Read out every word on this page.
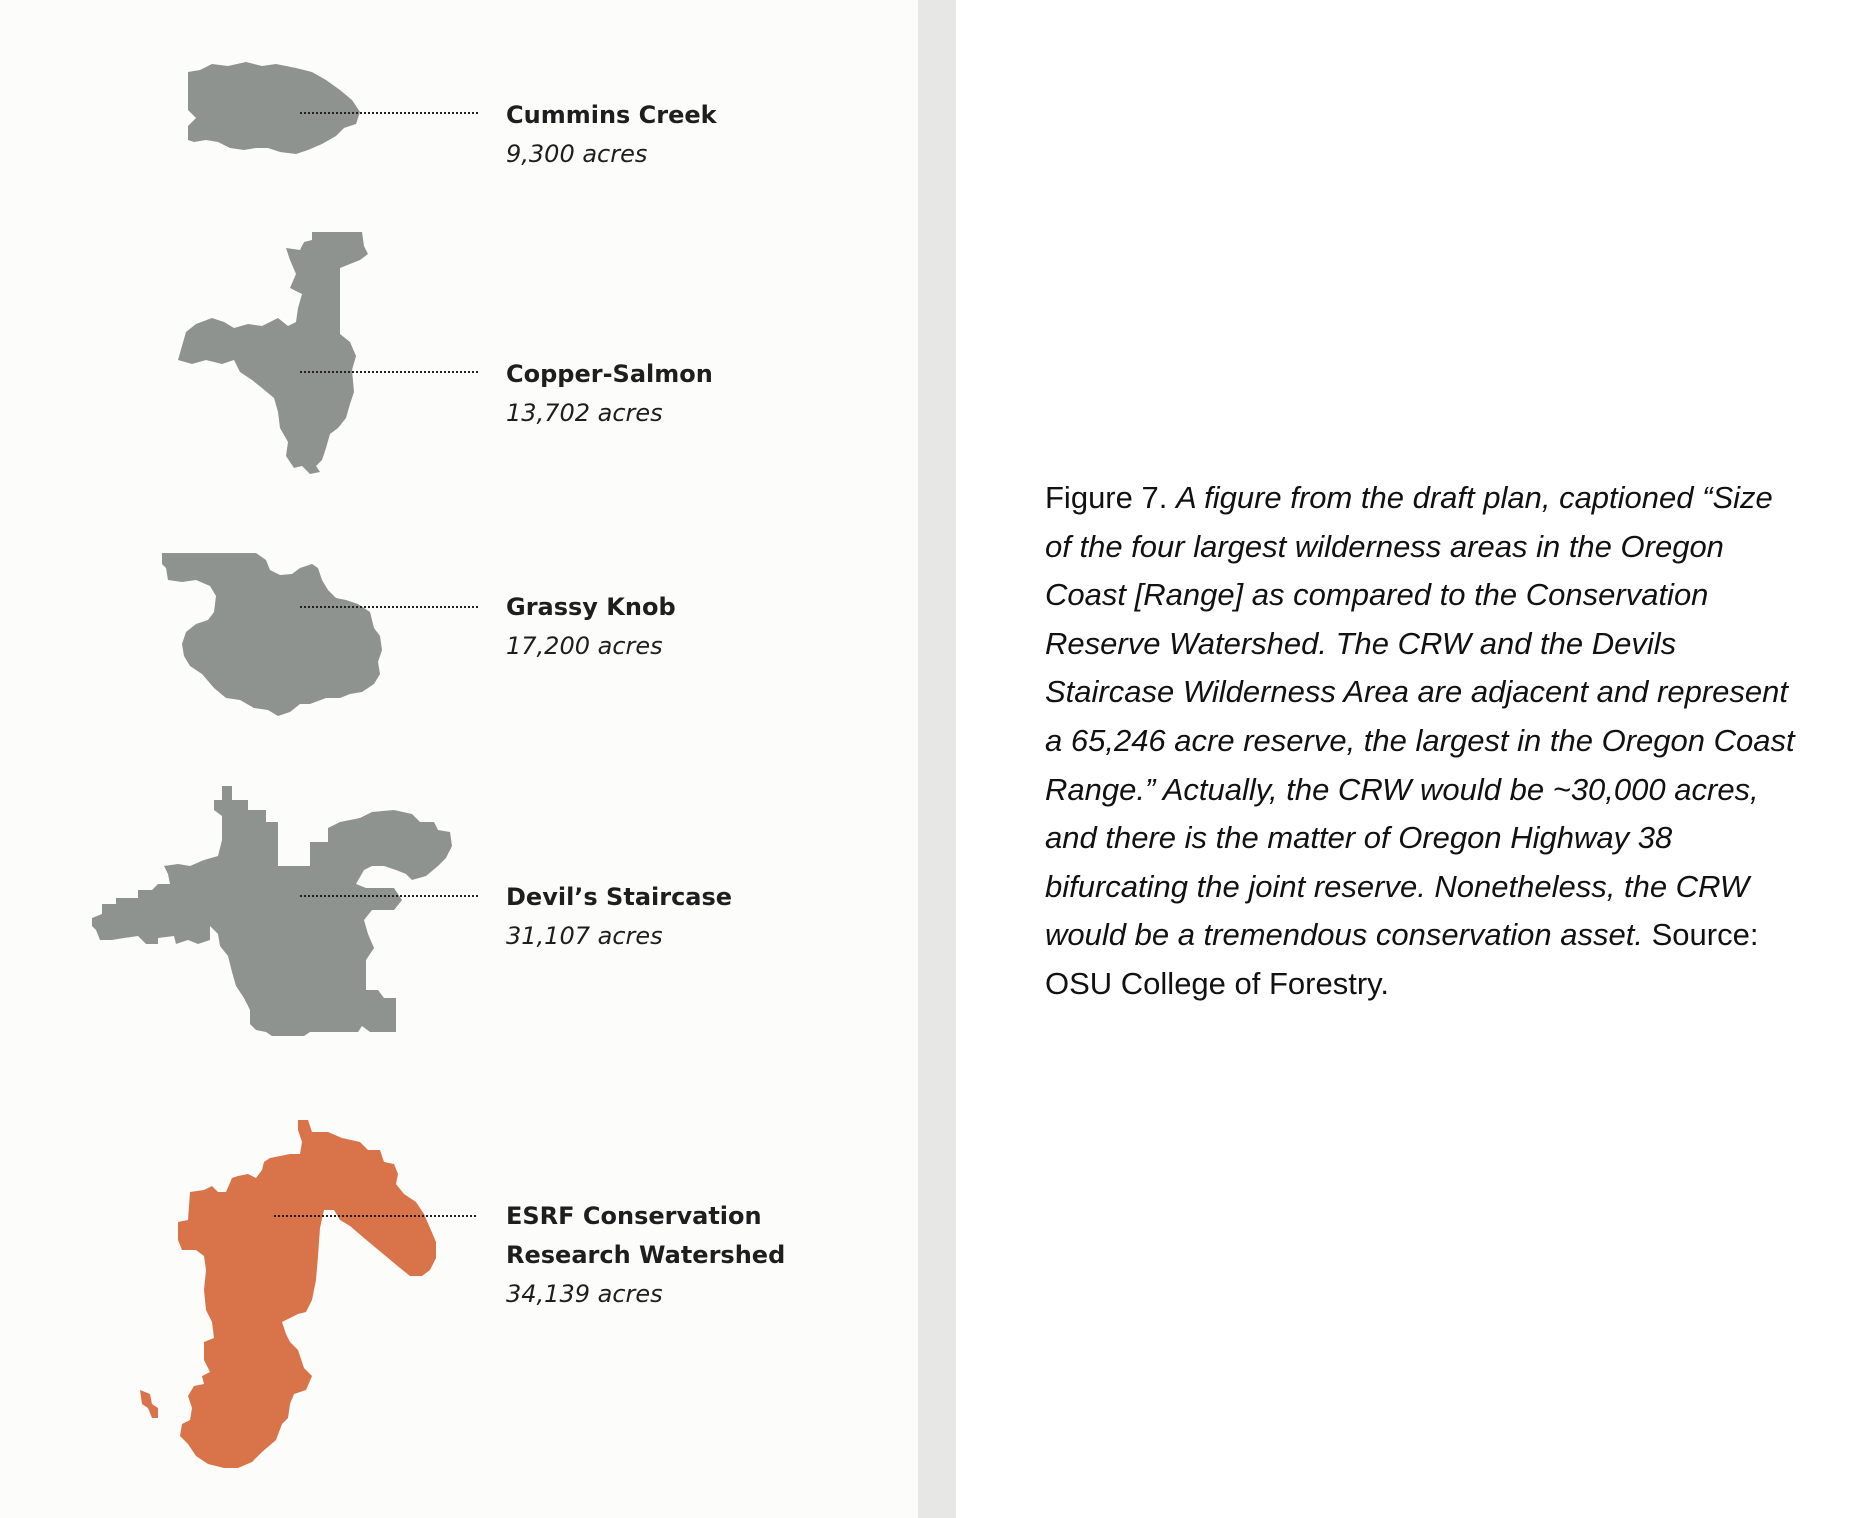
Cummins Creek
9,300 acres

Copper-Salmon
13,702 acres

Grassy Knob
17,200 acres

Devil’s Staircase
31,107 acres

ESRF Conservation
Research Watershed
34,139 acres

Figure 7. A figure from the draft plan, captioned “Size of the four largest wilderness areas in the Oregon Coast [Range] as compared to the Conservation Reserve Watershed. The CRW and the Devils Staircase Wilderness Area are adjacent and represent a 65,246 acre reserve, the largest in the Oregon Coast Range.” Actually, the CRW would be ~30,000 acres, and there is the matter of Oregon Highway 38 bifurcating the joint reserve. Nonetheless, the CRW would be a tremendous conservation asset. Source: OSU College of Forestry.
